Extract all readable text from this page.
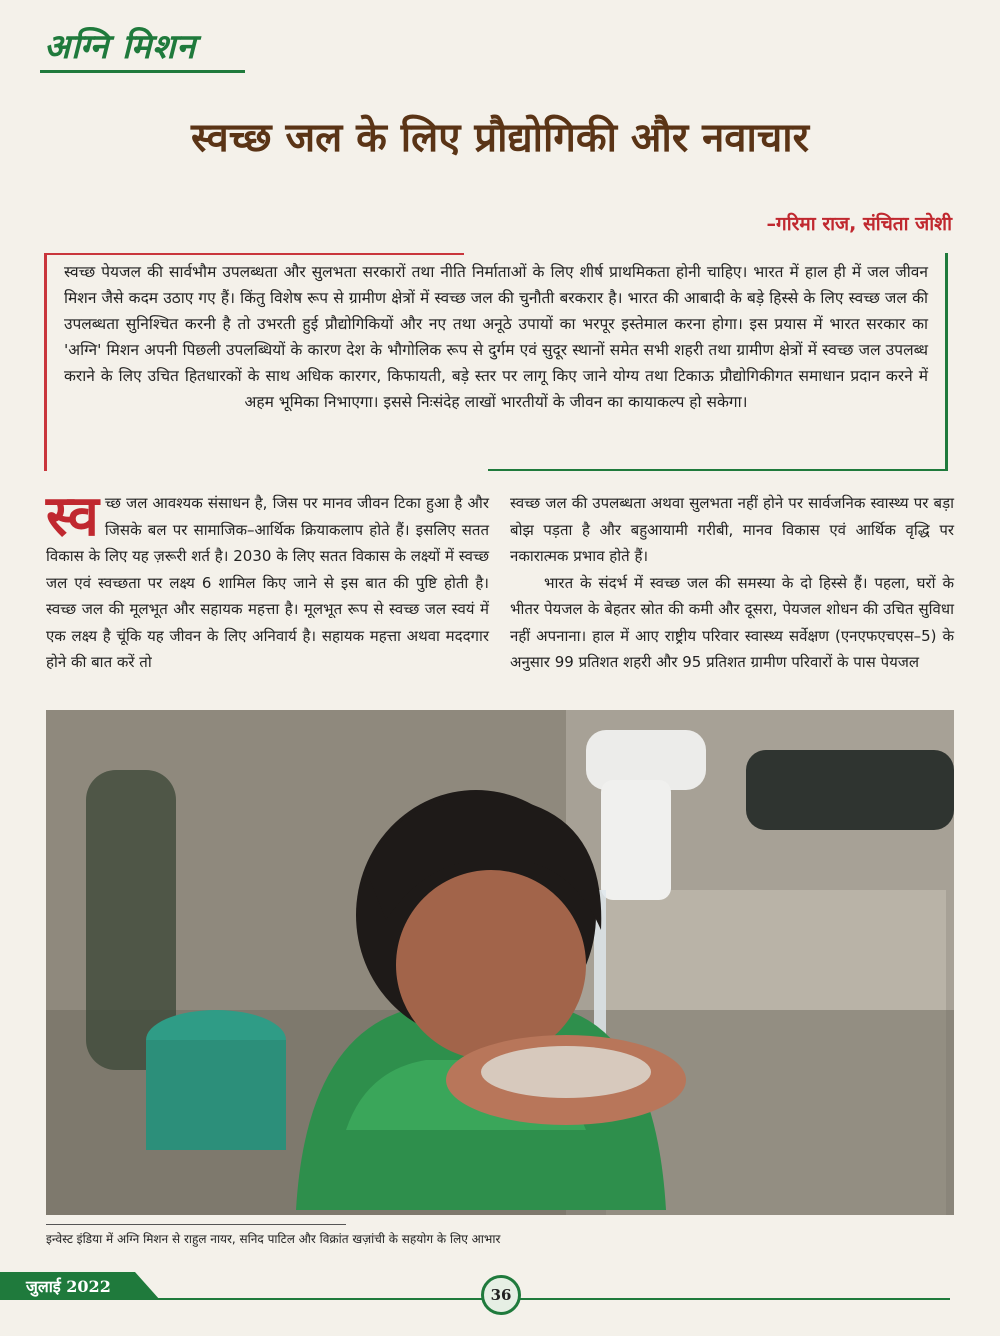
अग्नि मिशन
स्वच्छ जल के लिए प्रौद्योगिकी और नवाचार
–गरिमा राज, संचिता जोशी

स्वच्छ पेयजल की सार्वभौम उपलब्धता और सुलभता सरकारों तथा नीति निर्माताओं के लिए शीर्ष प्राथमिकता होनी चाहिए। भारत में हाल ही में जल जीवन मिशन जैसे कदम उठाए गए हैं। किंतु विशेष रूप से ग्रामीण क्षेत्रों में स्वच्छ जल की चुनौती बरकरार है। भारत की आबादी के बड़े हिस्से के लिए स्वच्छ जल की उपलब्धता सुनिश्चित करनी है तो उभरती हुई प्रौद्योगिकियों और नए तथा अनूठे उपायों का भरपूर इस्तेमाल करना होगा। इस प्रयास में भारत सरकार का 'अग्नि' मिशन अपनी पिछली उपलब्धियों के कारण देश के भौगोलिक रूप से दुर्गम एवं सुदूर स्थानों समेत सभी शहरी तथा ग्रामीण क्षेत्रों में स्वच्छ जल उपलब्ध कराने के लिए उचित हितधारकों के साथ अधिक कारगर, किफायती, बड़े स्तर पर लागू किए जाने योग्य तथा टिकाऊ प्रौद्योगिकीगत समाधान प्रदान करने में अहम भूमिका निभाएगा। इससे निःसंदेह लाखों भारतीयों के जीवन का कायाकल्प हो सकेगा।

स्व च्छ जल आवश्यक संसाधन है, जिस पर मानव जीवन टिका हुआ है और जिसके बल पर सामाजिक–आर्थिक क्रियाकलाप होते हैं। इसलिए सतत विकास के लिए यह ज़रूरी शर्त है। 2030 के लिए सतत विकास के लक्ष्यों में स्वच्छ जल एवं स्वच्छता पर लक्ष्य 6 शामिल किए जाने से इस बात की पुष्टि होती है। स्वच्छ जल की मूलभूत और सहायक महत्ता है। मूलभूत रूप से स्वच्छ जल स्वयं में एक लक्ष्य है चूंकि यह जीवन के लिए अनिवार्य है। सहायक महत्ता अथवा मददगार होने की बात करें तो

स्वच्छ जल की उपलब्धता अथवा सुलभता नहीं होने पर सार्वजनिक स्वास्थ्य पर बड़ा बोझ पड़ता है और बहुआयामी गरीबी, मानव विकास एवं आर्थिक वृद्धि पर नकारात्मक प्रभाव होते हैं।

भारत के संदर्भ में स्वच्छ जल की समस्या के दो हिस्से हैं। पहला, घरों के भीतर पेयजल के बेहतर स्रोत की कमी और दूसरा, पेयजल शोधन की उचित सुविधा नहीं अपनाना। हाल में आए राष्ट्रीय परिवार स्वास्थ्य सर्वेक्षण (एनएफएचएस–5) के अनुसार 99 प्रतिशत शहरी और 95 प्रतिशत ग्रामीण परिवारों के पास पेयजल

इन्वेस्ट इंडिया में अग्नि मिशन से राहुल नायर, सनिद पाटिल और विक्रांत खज़ांची के सहयोग के लिए आभार
जुलाई 2022	36
